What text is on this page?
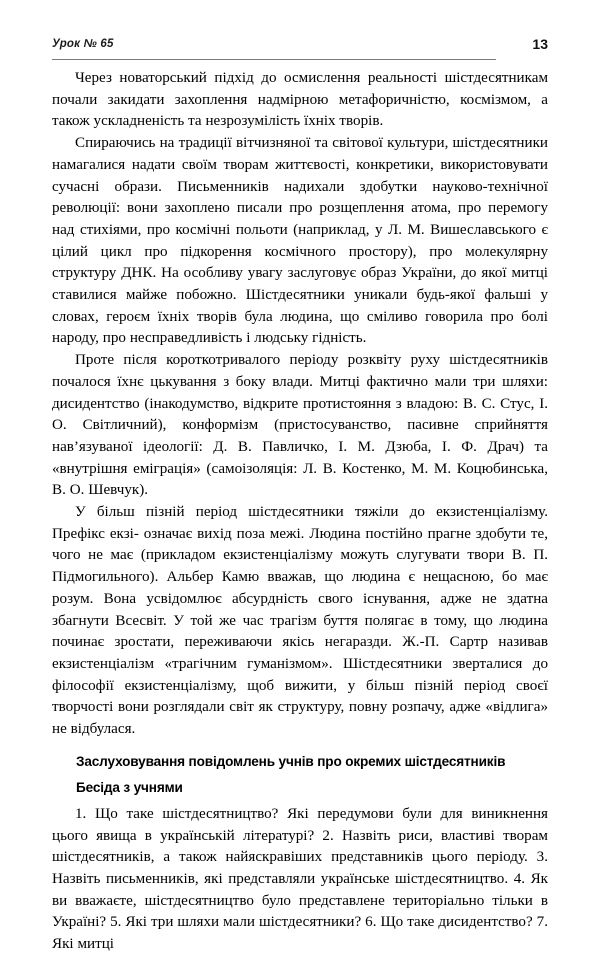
Урок № 65	13

Через новаторський підхід до осмислення реальності шістдесятникам почали закидати захоплення надмірною метафоричністю, космізмом, а також ускладненість та незрозумілість їхніх творів.

Спираючись на традиції вітчизняної та світової культури, шістдесятники намагалися надати своїм творам життєвості, конкретики, використовувати сучасні образи. Письменників надихали здобутки науково-технічної революції: вони захоплено писали про розщеплення атома, про перемогу над стихіями, про космічні польоти (наприклад, у Л. М. Вишеславського є цілий цикл про підкорення космічного простору), про молекулярну структуру ДНК. На особливу увагу заслуговує образ України, до якої митці ставилися майже побожно. Шістдесятники уникали будь-якої фальші у словах, героєм їхніх творів була людина, що сміливо говорила про болі народу, про несправедливість і людську гідність.

Проте після короткотривалого періоду розквіту руху шістдесятників почалося їхнє цькування з боку влади. Митці фактично мали три шляхи: дисидентство (інакодумство, відкрите протистояння з владою: В. С. Стус, І. О. Світличний), конформізм (пристосуванство, пасивне сприйняття нав’язуваної ідеології: Д. В. Павличко, І. М. Дзюба, І. Ф. Драч) та «внутрішня еміграція» (самоізоляція: Л. В. Костенко, М. М. Коцюбинська, В. О. Шевчук).

У більш пізній період шістдесятники тяжіли до екзистенціалізму. Префікс екзі- означає вихід поза межі. Людина постійно прагне здобути те, чого не має (прикладом екзистенціалізму можуть слугувати твори В. П. Підмогильного). Альбер Камю вважав, що людина є нещасною, бо має розум. Вона усвідомлює абсурдність свого існування, адже не здатна збагнути Всесвіт. У той же час трагізм буття полягає в тому, що людина починає зростати, переживаючи якісь негаразди. Ж.-П. Сартр називав екзистенціалізм «трагічним гуманізмом». Шістдесятники зверталися до філософії екзистенціалізму, щоб вижити, у більш пізній період своєї творчості вони розглядали світ як структуру, повну розпачу, адже «відлига» не відбулася.

Заслуховування повідомлень учнів про окремих шістдесятників
Бесіда з учнями

1. Що таке шістдесятництво? Які передумови були для виникнення цього явища в українській літературі? 2. Назвіть риси, властиві творам шістдесятників, а також найяскравіших представників цього періоду. 3. Назвіть письменників, які представляли українське шістдесятництво. 4. Як ви вважаєте, шістдесятництво було представлене територіально тільки в Україні? 5. Які три шляхи мали шістдесятники? 6. Що таке дисидентство? 7. Які митці
